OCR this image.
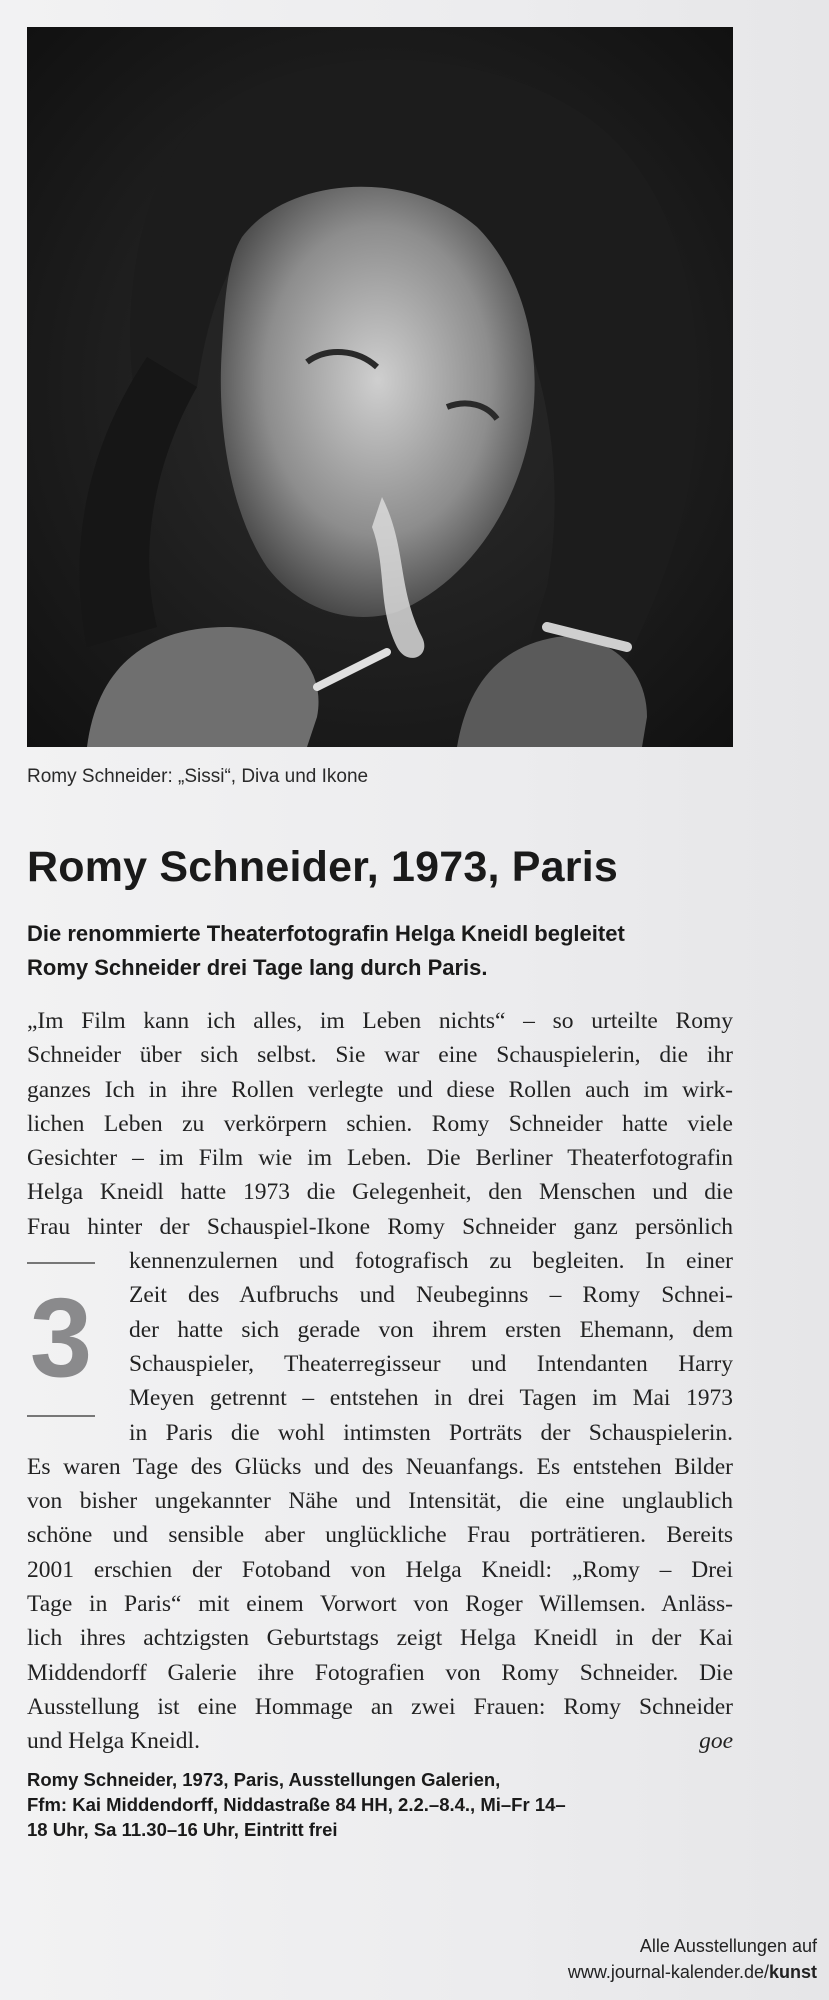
Romy Schneider: „Sissi“, Diva und Ikone
Romy Schneider, 1973, Paris
Die renommierte Theaterfotografin Helga Kneidl begleitet
Romy Schneider drei Tage lang durch Paris.
„Im Film kann ich alles, im Leben nichts“ – so urteilte Romy
Schneider über sich selbst. Sie war eine Schauspielerin, die ihr
ganzes Ich in ihre Rollen verlegte und diese Rollen auch im wirk-
lichen Leben zu verkörpern schien. Romy Schneider hatte viele
Gesichter – im Film wie im Leben. Die Berliner Theaterfotografin
Helga Kneidl hatte 1973 die Gelegenheit, den Menschen und die
Frau hinter der Schauspiel-Ikone Romy Schneider ganz persönlich
kennenzulernen und fotografisch zu begleiten. In einer
Zeit des Aufbruchs und Neubeginns – Romy Schnei-
der hatte sich gerade von ihrem ersten Ehemann, dem
Schauspieler, Theaterregisseur und Intendanten Harry
Meyen getrennt – entstehen in drei Tagen im Mai 1973
in Paris die wohl intimsten Porträts der Schauspielerin.
Es waren Tage des Glücks und des Neuanfangs. Es entstehen Bilder
von bisher ungekannter Nähe und Intensität, die eine unglaublich
schöne und sensible aber unglückliche Frau porträtieren. Bereits
2001 erschien der Fotoband von Helga Kneidl: „Romy – Drei
Tage in Paris“ mit einem Vorwort von Roger Willemsen. Anläss-
lich ihres achtzigsten Geburtstags zeigt Helga Kneidl in der Kai
Middendorff Galerie ihre Fotografien von Romy Schneider. Die
Ausstellung ist eine Hommage an zwei Frauen: Romy Schneider
und Helga Kneidl.	goe
3
Romy Schneider, 1973, Paris, Ausstellungen Galerien,
Ffm: Kai Middendorff, Niddastraße 84 HH, 2.2.–8.4., Mi–Fr 14–
18 Uhr, Sa 11.30–16 Uhr, Eintritt frei
Alle Ausstellungen auf
www.journal-kalender.de/kunst
